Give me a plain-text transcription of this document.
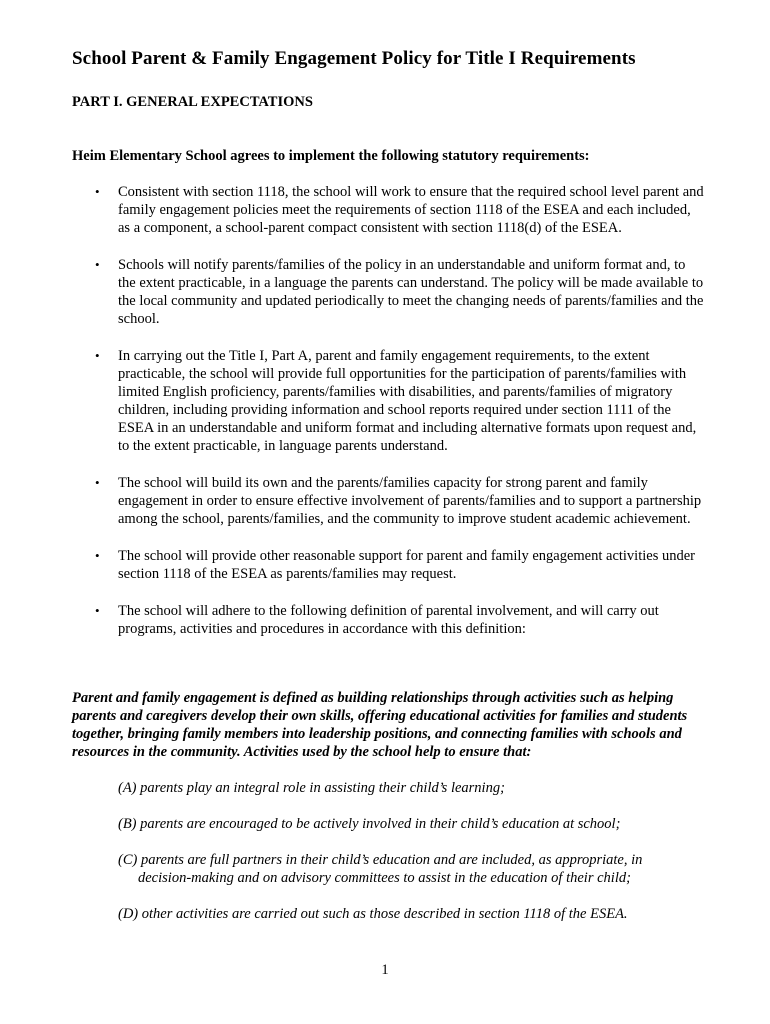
School Parent & Family Engagement Policy for Title I Requirements

PART I. GENERAL EXPECTATIONS

Heim Elementary School agrees to implement the following statutory requirements:

• Consistent with section 1118, the school will work to ensure that the required school level parent and family engagement policies meet the requirements of section 1118 of the ESEA and each included, as a component, a school-parent compact consistent with section 1118(d) of the ESEA.
• Schools will notify parents/families of the policy in an understandable and uniform format and, to the extent practicable, in a language the parents can understand. The policy will be made available to the local community and updated periodically to meet the changing needs of parents/families and the school.
• In carrying out the Title I, Part A, parent and family engagement requirements, to the extent practicable, the school will provide full opportunities for the participation of parents/families with limited English proficiency, parents/families with disabilities, and parents/families of migratory children, including providing information and school reports required under section 1111 of the ESEA in an understandable and uniform format and including alternative formats upon request and, to the extent practicable, in language parents understand.
• The school will build its own and the parents/families capacity for strong parent and family engagement in order to ensure effective involvement of parents/families and to support a partnership among the school, parents/families, and the community to improve student academic achievement.
• The school will provide other reasonable support for parent and family engagement activities under section 1118 of the ESEA as parents/families may request.
• The school will adhere to the following definition of parental involvement, and will carry out programs, activities and procedures in accordance with this definition:

Parent and family engagement is defined as building relationships through activities such as helping parents and caregivers develop their own skills, offering educational activities for families and students together, bringing family members into leadership positions, and connecting families with schools and resources in the community. Activities used by the school help to ensure that:

(A) parents play an integral role in assisting their child’s learning;
(B) parents are encouraged to be actively involved in their child’s education at school;
(C) parents are full partners in their child’s education and are included, as appropriate, in decision-making and on advisory committees to assist in the education of their child;
(D) other activities are carried out such as those described in section 1118 of the ESEA.
1
